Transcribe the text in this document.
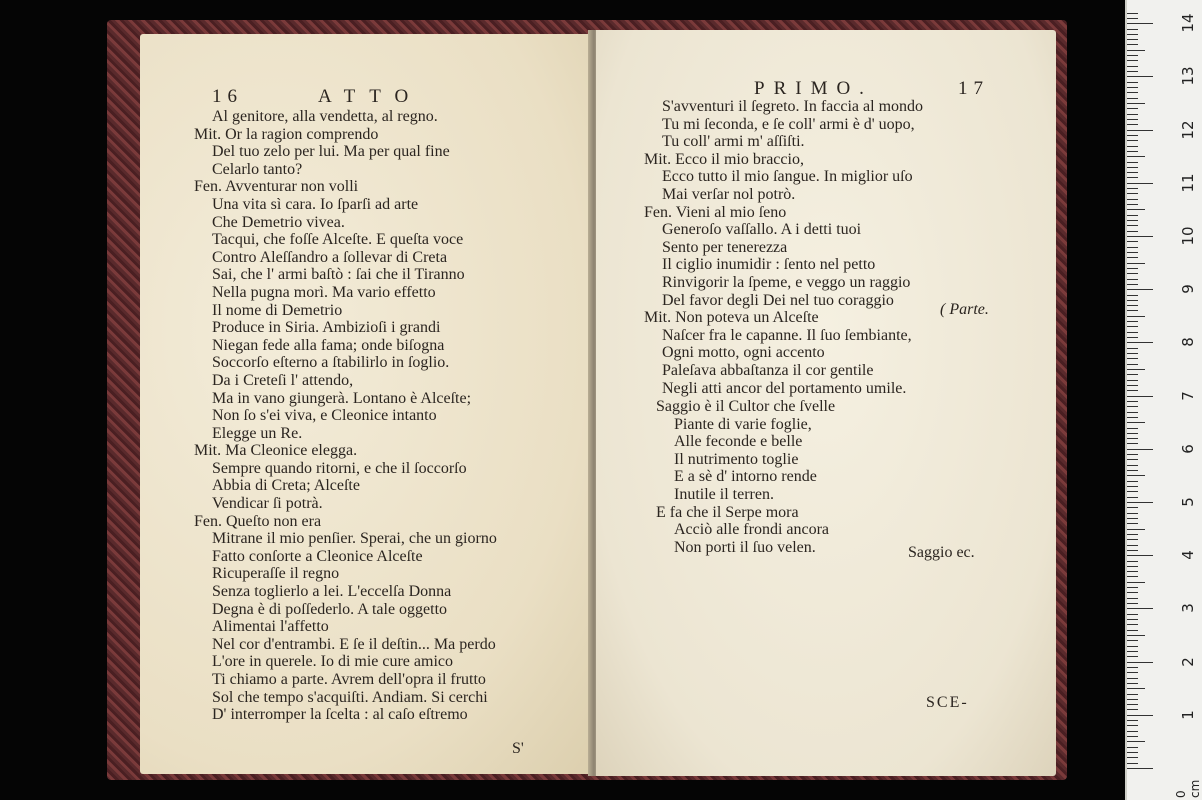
16	ATTO
Al genitore, alla vendetta, al regno.
Mit. Or la ragion comprendo
Del tuo zelo per lui. Ma per qual fine
Celarlo tanto?
Fen. Avventurar non volli
Una vita sì cara. Io ſparſi ad arte
Che Demetrio vivea.
Tacqui, che foſſe Alceſte. E queſta voce
Contro Aleſſandro a ſollevar di Creta
Sai, che l' armi baſtò : ſai che il Tiranno
Nella pugna morì. Ma vario effetto
Il nome di Demetrio
Produce in Siria. Ambizioſi i grandi
Niegan fede alla fama; onde biſogna
Soccorſo eſterno a ſtabilirlo in ſoglio.
Da i Creteſi l' attendo,
Ma in vano giungerà. Lontano è Alceſte;
Non ſo s'ei viva, e Cleonice intanto
Elegge un Re.
Mit. Ma Cleonice elegga.
Sempre quando ritorni, e che il ſoccorſo
Abbia di Creta; Alceſte
Vendicar ſi potrà.
Fen. Queſto non era
Mitrane il mio penſier. Sperai, che un giorno
Fatto conſorte a Cleonice Alceſte
Ricuperaſſe il regno
Senza toglierlo a lei. L'eccelſa Donna
Degna è di poſſederlo. A tale oggetto
Alimentai l'affetto
Nel cor d'entrambi. E ſe il deſtin... Ma perdo
L'ore in querele. Io di mie cure amico
Ti chiamo a parte. Avrem dell'opra il frutto
Sol che tempo s'acquiſti. Andiam. Si cerchi
D' interromper la ſcelta : al caſo eſtremo
S'
PRIMO.	17
S'avventuri il ſegreto. In faccia al mondo
Tu mi ſeconda, e ſe coll' armi è d' uopo,
Tu coll' armi m' aſſiſti.
Mit. Ecco il mio braccio,
Ecco tutto il mio ſangue. In miglior uſo
Mai verſar nol potrò.
Fen. Vieni al mio ſeno
Generoſo vaſſallo. A i detti tuoi
Sento per tenerezza
Il ciglio inumidir : ſento nel petto
Rinvigorir la ſpeme, e veggo un raggio
Del favor degli Dei nel tuo coraggio
Mit. Non poteva un Alceſte
Naſcer fra le capanne. Il ſuo ſembiante,
Ogni motto, ogni accento
Paleſava abbaſtanza il cor gentile
Negli atti ancor del portamento umile.
( Parte.
Saggio è il Cultor che ſvelle
Piante di varie foglie,
Alle feconde e belle
Il nutrimento toglie
E a sè d' intorno rende
Inutile il terren.
E fa che il Serpe mora
Acciò alle frondi ancora
Non porti il ſuo velen.	Saggio ec.
SCE-
0 cm
1
2
3
4
5
6
7
8
9
10
11
12
13
14
